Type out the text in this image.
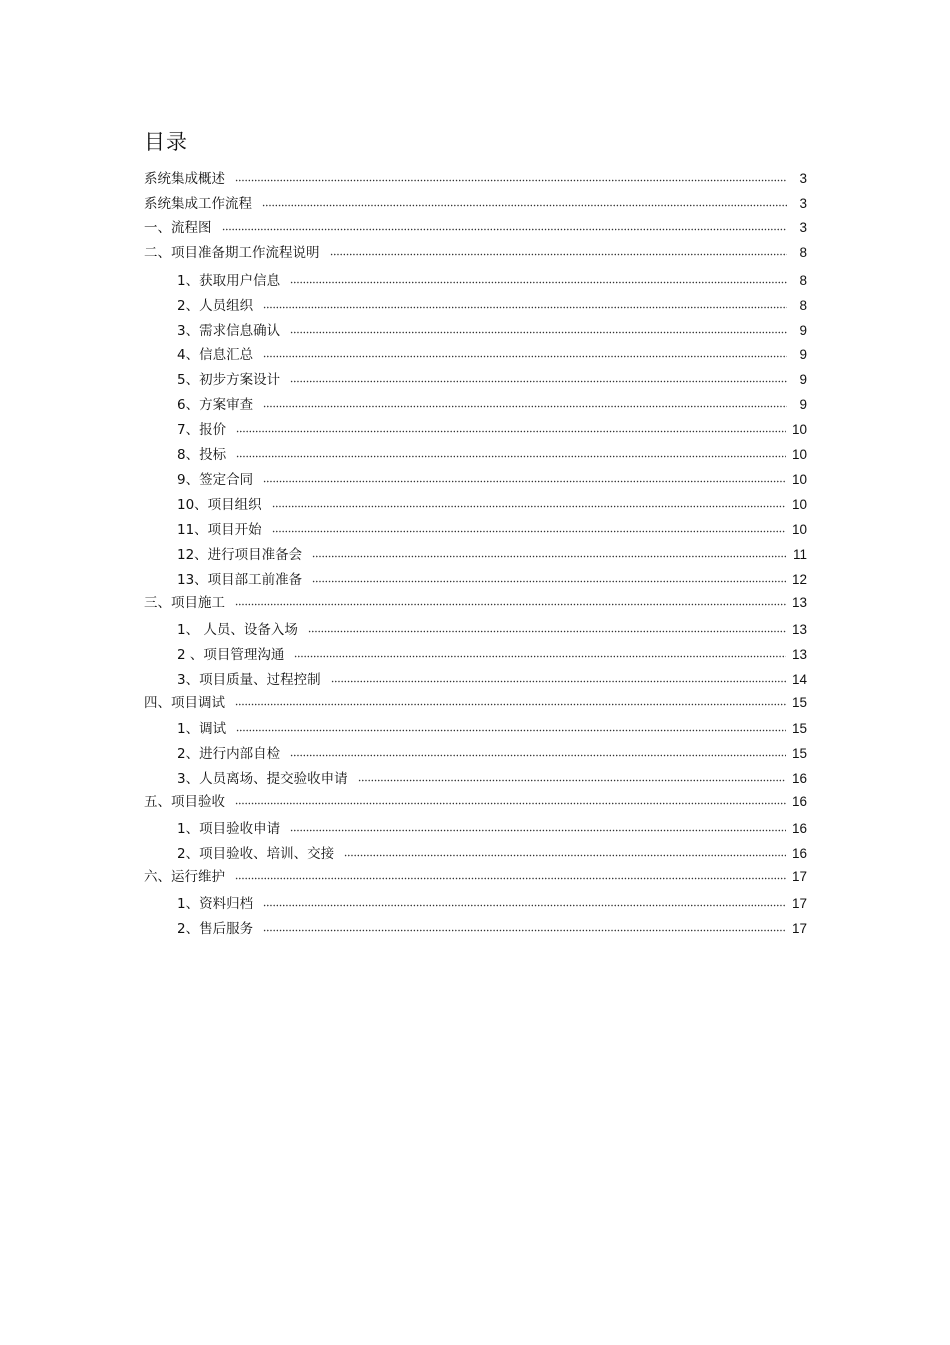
目录
系统集成概述	3
系统集成工作流程	3
一、流程图	3
二、项目准备期工作流程说明	8
1、获取用户信息	8
2、人员组织	8
3、需求信息确认	9
4、信息汇总	9
5、初步方案设计	9
6、方案审查	9
7、报价	10
8、投标	10
9、签定合同	10
10、项目组织	10
11、项目开始	10
12、进行项目准备会	11
13、项目部工前准备	12
三、项目施工	13
1、 人员、设备入场	13
2 、项目管理沟通	13
3、项目质量、过程控制	14
四、项目调试	15
1、调试	15
2、进行内部自检	15
3、人员离场、提交验收申请	16
五、项目验收	16
1、项目验收申请	16
2、项目验收、培训、交接	16
六、运行维护	17
1、资料归档	17
2、售后服务	17
